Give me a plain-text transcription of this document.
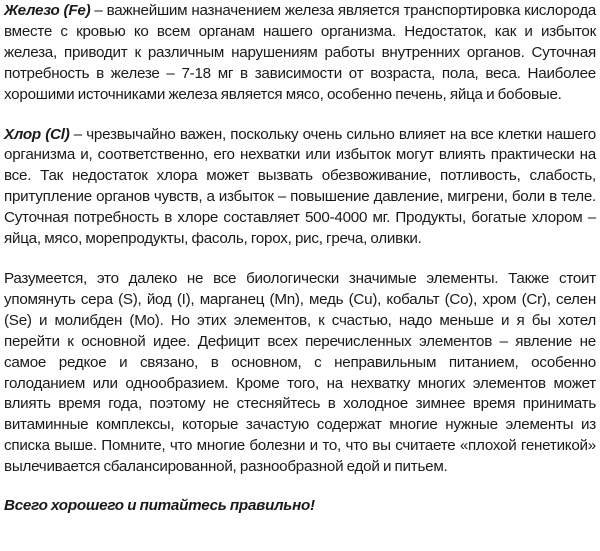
Железо (Fe) – важнейшим назначением железа является транспортировка кислорода вместе с кровью ко всем органам нашего организма. Недостаток, как и избыток железа, приводит к различным нарушениям работы внутренних органов. Суточная потребность в железе – 7-18 мг в зависимости от возраста, пола, веса. Наиболее хорошими источниками железа является мясо, особенно печень, яйца и бобовые.

Хлор (Cl) – чрезвычайно важен, поскольку очень сильно влияет на все клетки нашего организма и, соответственно, его нехватки или избыток могут влиять практически на все. Так недостаток хлора может вызвать обезвоживание, потливость, слабость, притупление органов чувств, а избыток – повышение давление, мигрени, боли в теле. Суточная потребность в хлоре составляет 500-4000 мг. Продукты, богатые хлором – яйца, мясо, морепродукты, фасоль, горох, рис, греча, оливки.

Разумеется, это далеко не все биологически значимые элементы. Также стоит упомянуть сера (S), йод (I), марганец (Mn), медь (Cu), кобальт (Co), хром (Cr), селен (Se) и молибден (Mo). Но этих элементов, к счастью, надо меньше и я бы хотел перейти к основной идее. Дефицит всех перечисленных элементов – явление не самое редкое и связано, в основном, с неправильным питанием, особенно голоданием или однообразием. Кроме того, на нехватку многих элементов может влиять время года, поэтому не стесняйтесь в холодное зимнее время принимать витаминные комплексы, которые зачастую содержат многие нужные элементы из списка выше. Помните, что многие болезни и то, что вы считаете «плохой генетикой» вылечивается сбалансированной, разнообразной едой и питьем.

Всего хорошего и питайтесь правильно!
